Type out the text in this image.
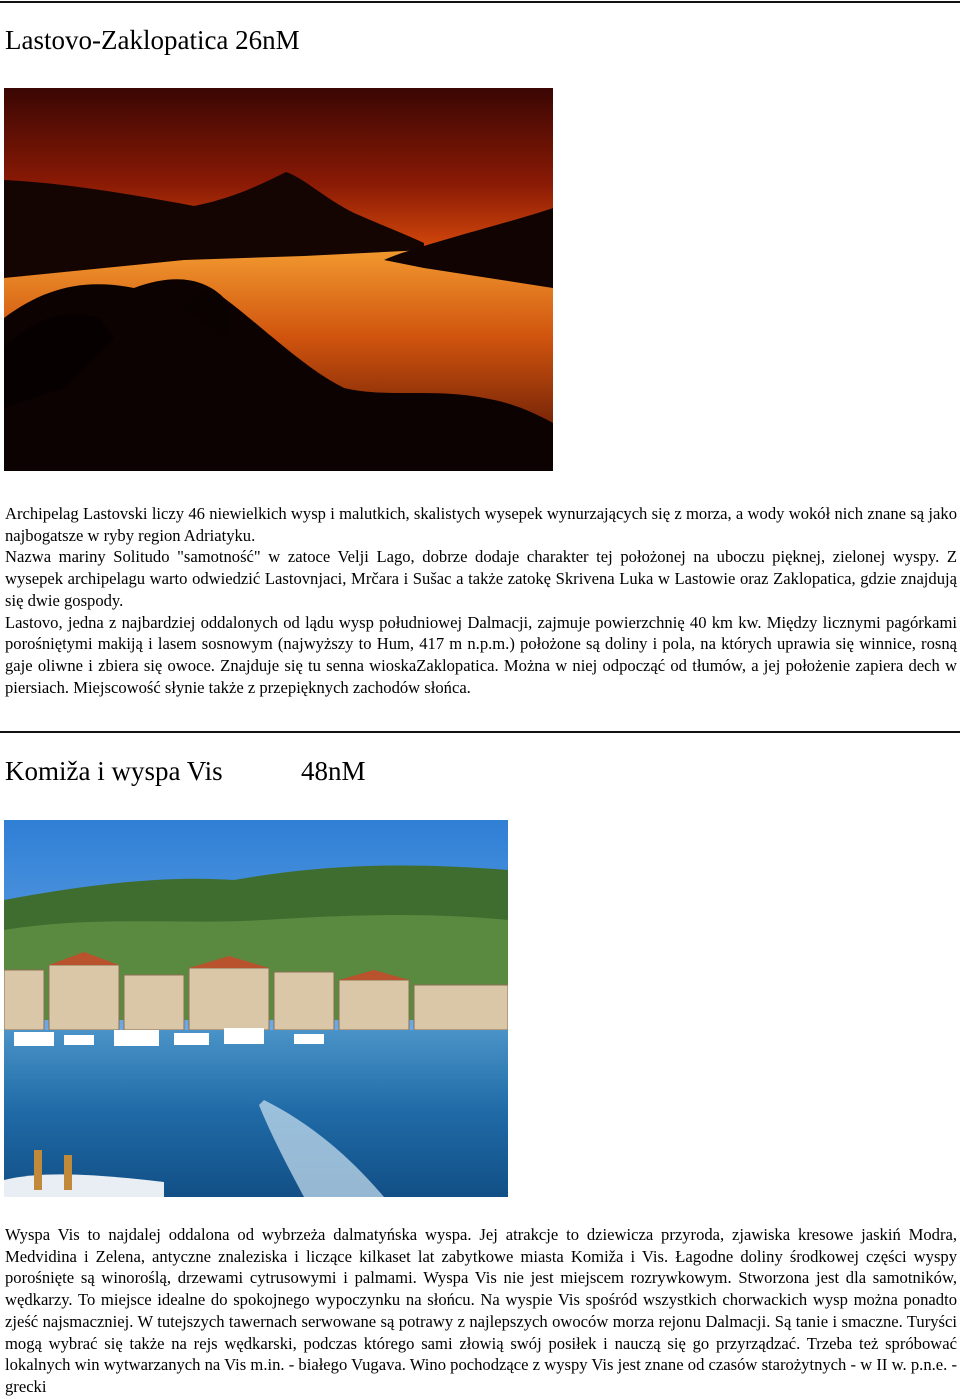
Lastovo-Zaklopatica 26nM
Archipelag Lastovski liczy 46 niewielkich wysp i malutkich, skalistych wysepek wynurzających się z morza, a wody wokół nich znane są jako najbogatsze w ryby region Adriatyku.
Nazwa mariny Solitudo "samotność" w zatoce Velji Lago, dobrze dodaje charakter tej położonej na uboczu pięknej, zielonej wyspy. Z wysepek archipelagu warto odwiedzić Lastovnjaci, Mrčara i Sušac a także zatokę Skrivena Luka w Lastowie oraz Zaklopatica, gdzie znajdują się dwie gospody.
Lastovo, jedna z najbardziej oddalonych od lądu wysp południowej Dalmacji, zajmuje powierzchnię 40 km kw. Między licznymi pagórkami porośniętymi makiją i lasem sosnowym (najwyższy to Hum, 417 m n.p.m.) położone są doliny i pola, na których uprawia się winnice, rosną gaje oliwne i zbiera się owoce. Znajduje się tu senna wioskaZaklopatica. Można w niej odpocząć od tłumów, a jej położenie zapiera dech w piersiach. Miejscowość słynie także z przepięknych zachodów słońca.
Komiža i wyspa Vis	48nM
Wyspa Vis to najdalej oddalona od wybrzeża dalmatyńska wyspa. Jej atrakcje to dziewicza przyroda, zjawiska kresowe jaskiń Modra, Medvidina i Zelena, antyczne znaleziska i liczące kilkaset lat zabytkowe miasta Komiža i Vis. Łagodne doliny środkowej części wyspy porośnięte są winoroślą, drzewami cytrusowymi i palmami. Wyspa Vis nie jest miejscem rozrywkowym. Stworzona jest dla samotników, wędkarzy. To miejsce idealne do spokojnego wypoczynku na słońcu. Na wyspie Vis spośród wszystkich chorwackich wysp można ponadto zjeść najsmaczniej. W tutejszych tawernach serwowane są potrawy z najlepszych owoców morza rejonu Dalmacji. Są tanie i smaczne. Turyści mogą wybrać się także na rejs wędkarski, podczas którego sami złowią swój posiłek i nauczą się go przyrządzać. Trzeba też spróbować lokalnych win wytwarzanych na Vis m.in. - białego Vugava. Wino pochodzące z wyspy Vis jest znane od czasów starożytnych - w II w. p.n.e. - grecki
